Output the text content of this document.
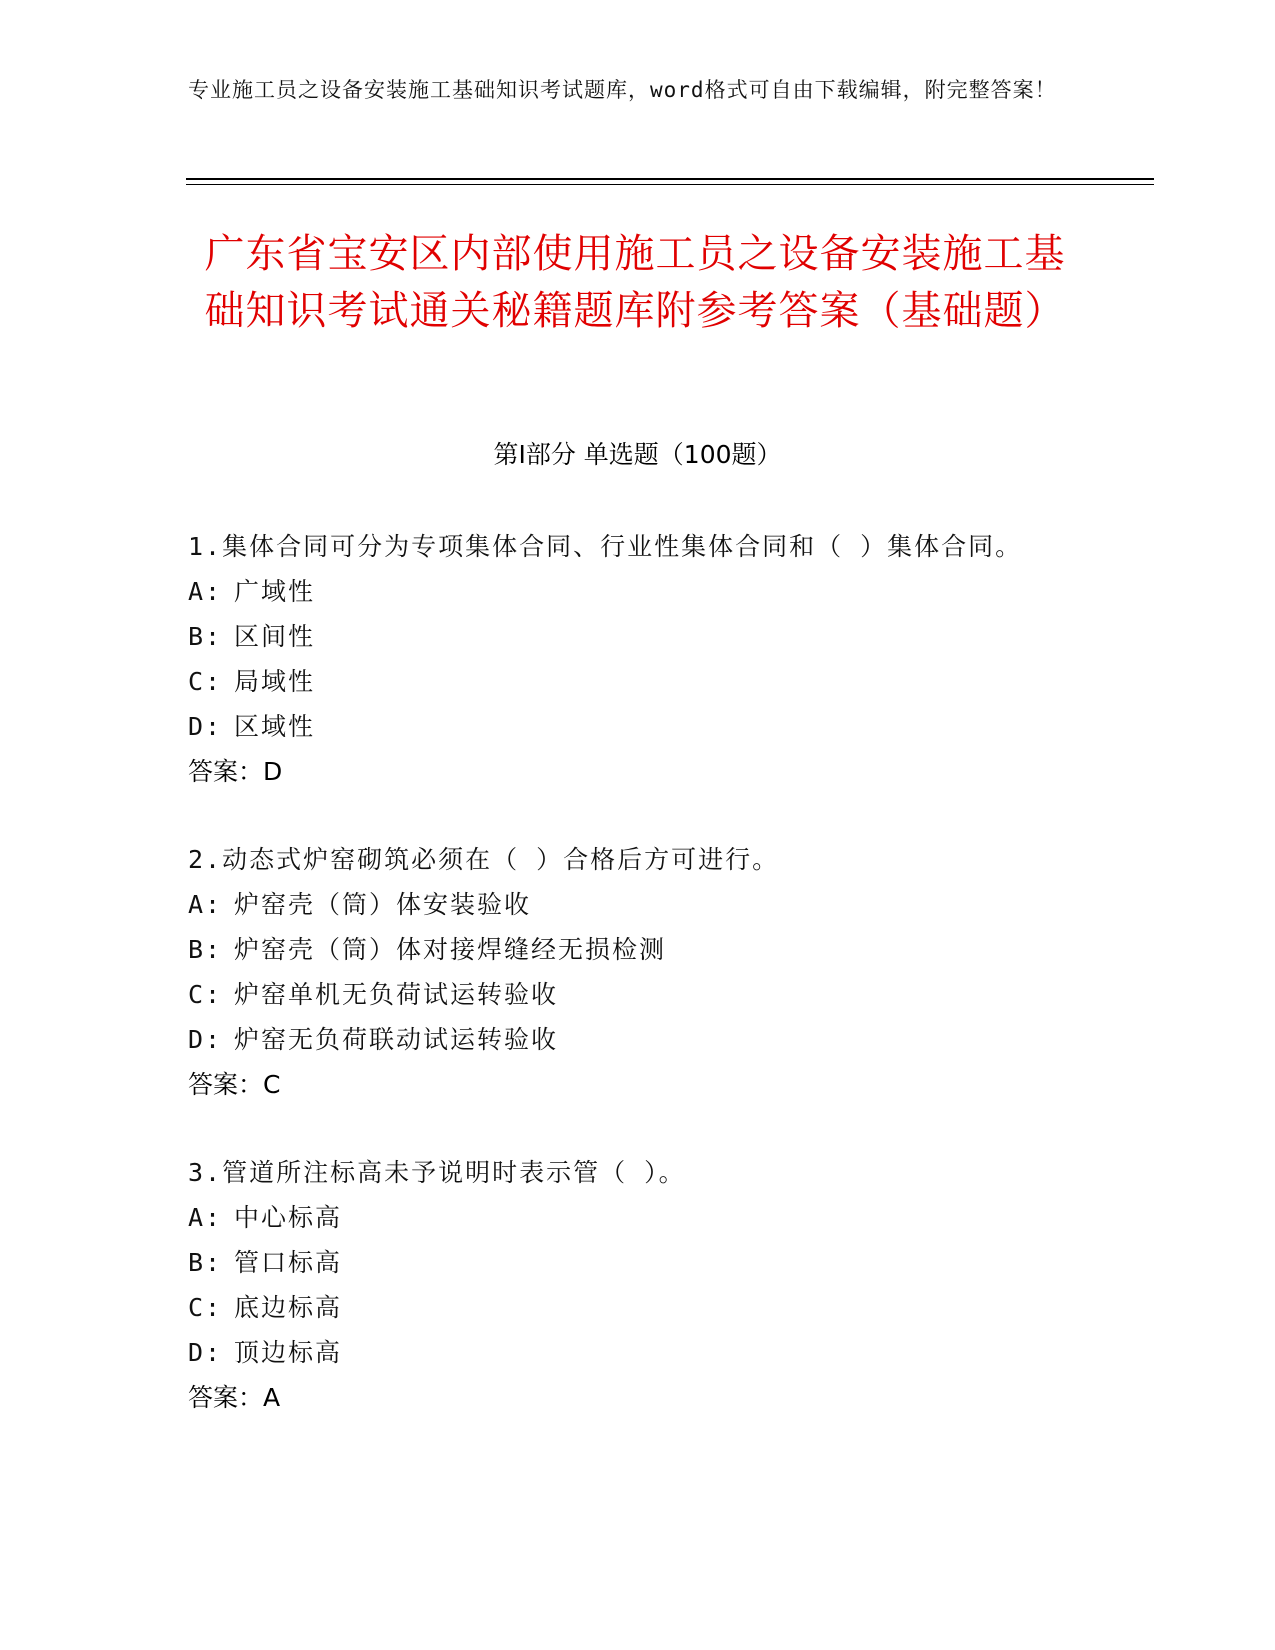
专业施工员之设备安装施工基础知识考试题库，word格式可自由下载编辑，附完整答案！
广东省宝安区内部使用施工员之设备安装施工基础知识考试通关秘籍题库附参考答案（基础题）
第Ⅰ部分 单选题（100题）
1.集体合同可分为专项集体合同、行业性集体合同和（ ）集体合同。
A: 广域性
B: 区间性
C: 局域性
D: 区域性
答案：D
2.动态式炉窑砌筑必须在（ ）合格后方可进行。
A: 炉窑壳（筒）体安装验收
B: 炉窑壳（筒）体对接焊缝经无损检测
C: 炉窑单机无负荷试运转验收
D: 炉窑无负荷联动试运转验收
答案：C
3.管道所注标高未予说明时表示管（ ）。
A: 中心标高
B: 管口标高
C: 底边标高
D: 顶边标高
答案：A
